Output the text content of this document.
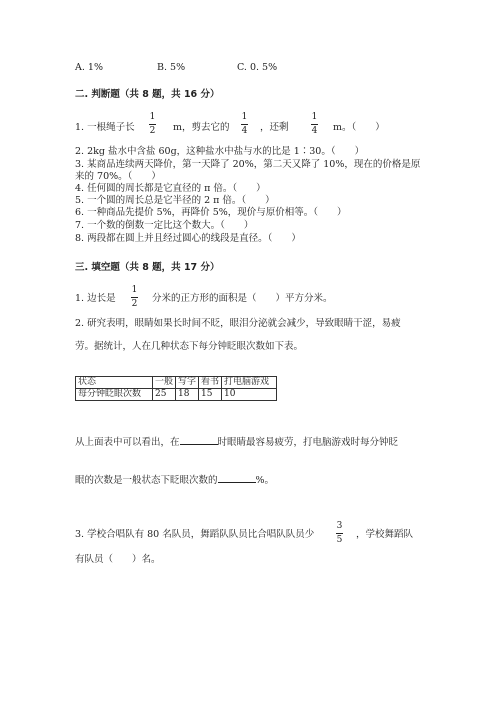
A. 1%	B. 5%	C. 0. 5%
二. 判断题（共 8 题，共 16 分）
1. 一根绳子长
1
2 m，剪去它的
1
4 ，还剩
1
4 m。（　　）
2. 2kg 盐水中含盐 60g，这种盐水中盐与水的比是 1∶30。（　　）
3. 某商品连续两天降价，第一天降了 20%，第二天又降了 10%，现在的价格是原
来的 70%。（　　）
4. 任何圆的周长都是它直径的 π 倍。（　　）
5. 一个圆的周长总是它半径的 2 π 倍。（　　）
6. 一种商品先提价 5%，再降价 5%，现价与原价相等。（　　）
7. 一个数的倒数一定比这个数大。（　　）
8. 两段都在圆上并且经过圆心的线段是直径。（　　）
三. 填空题（共 8 题，共 17 分）
1. 边长是
1
2 分米的正方形的面积是（　　）平方分米。
2. 研究表明，眼睛如果长时间不眨，眼泪分泌就会减少，导致眼睛干涩，易疲
劳。据统计，人在几种状态下每分钟眨眼次数如下表。
状态	一般	写字	看书	打电脑游戏
每分钟眨眼次数	25	18	15	10
从上面表中可以看出，在	时眼睛最容易疲劳，打电脑游戏时每分钟眨
眼的次数是一般状态下眨眼次数的	%。
3. 学校合唱队有 80 名队员，舞蹈队队员比合唱队队员少
3
5 ，学校舞蹈队
有队员（　　）名。
